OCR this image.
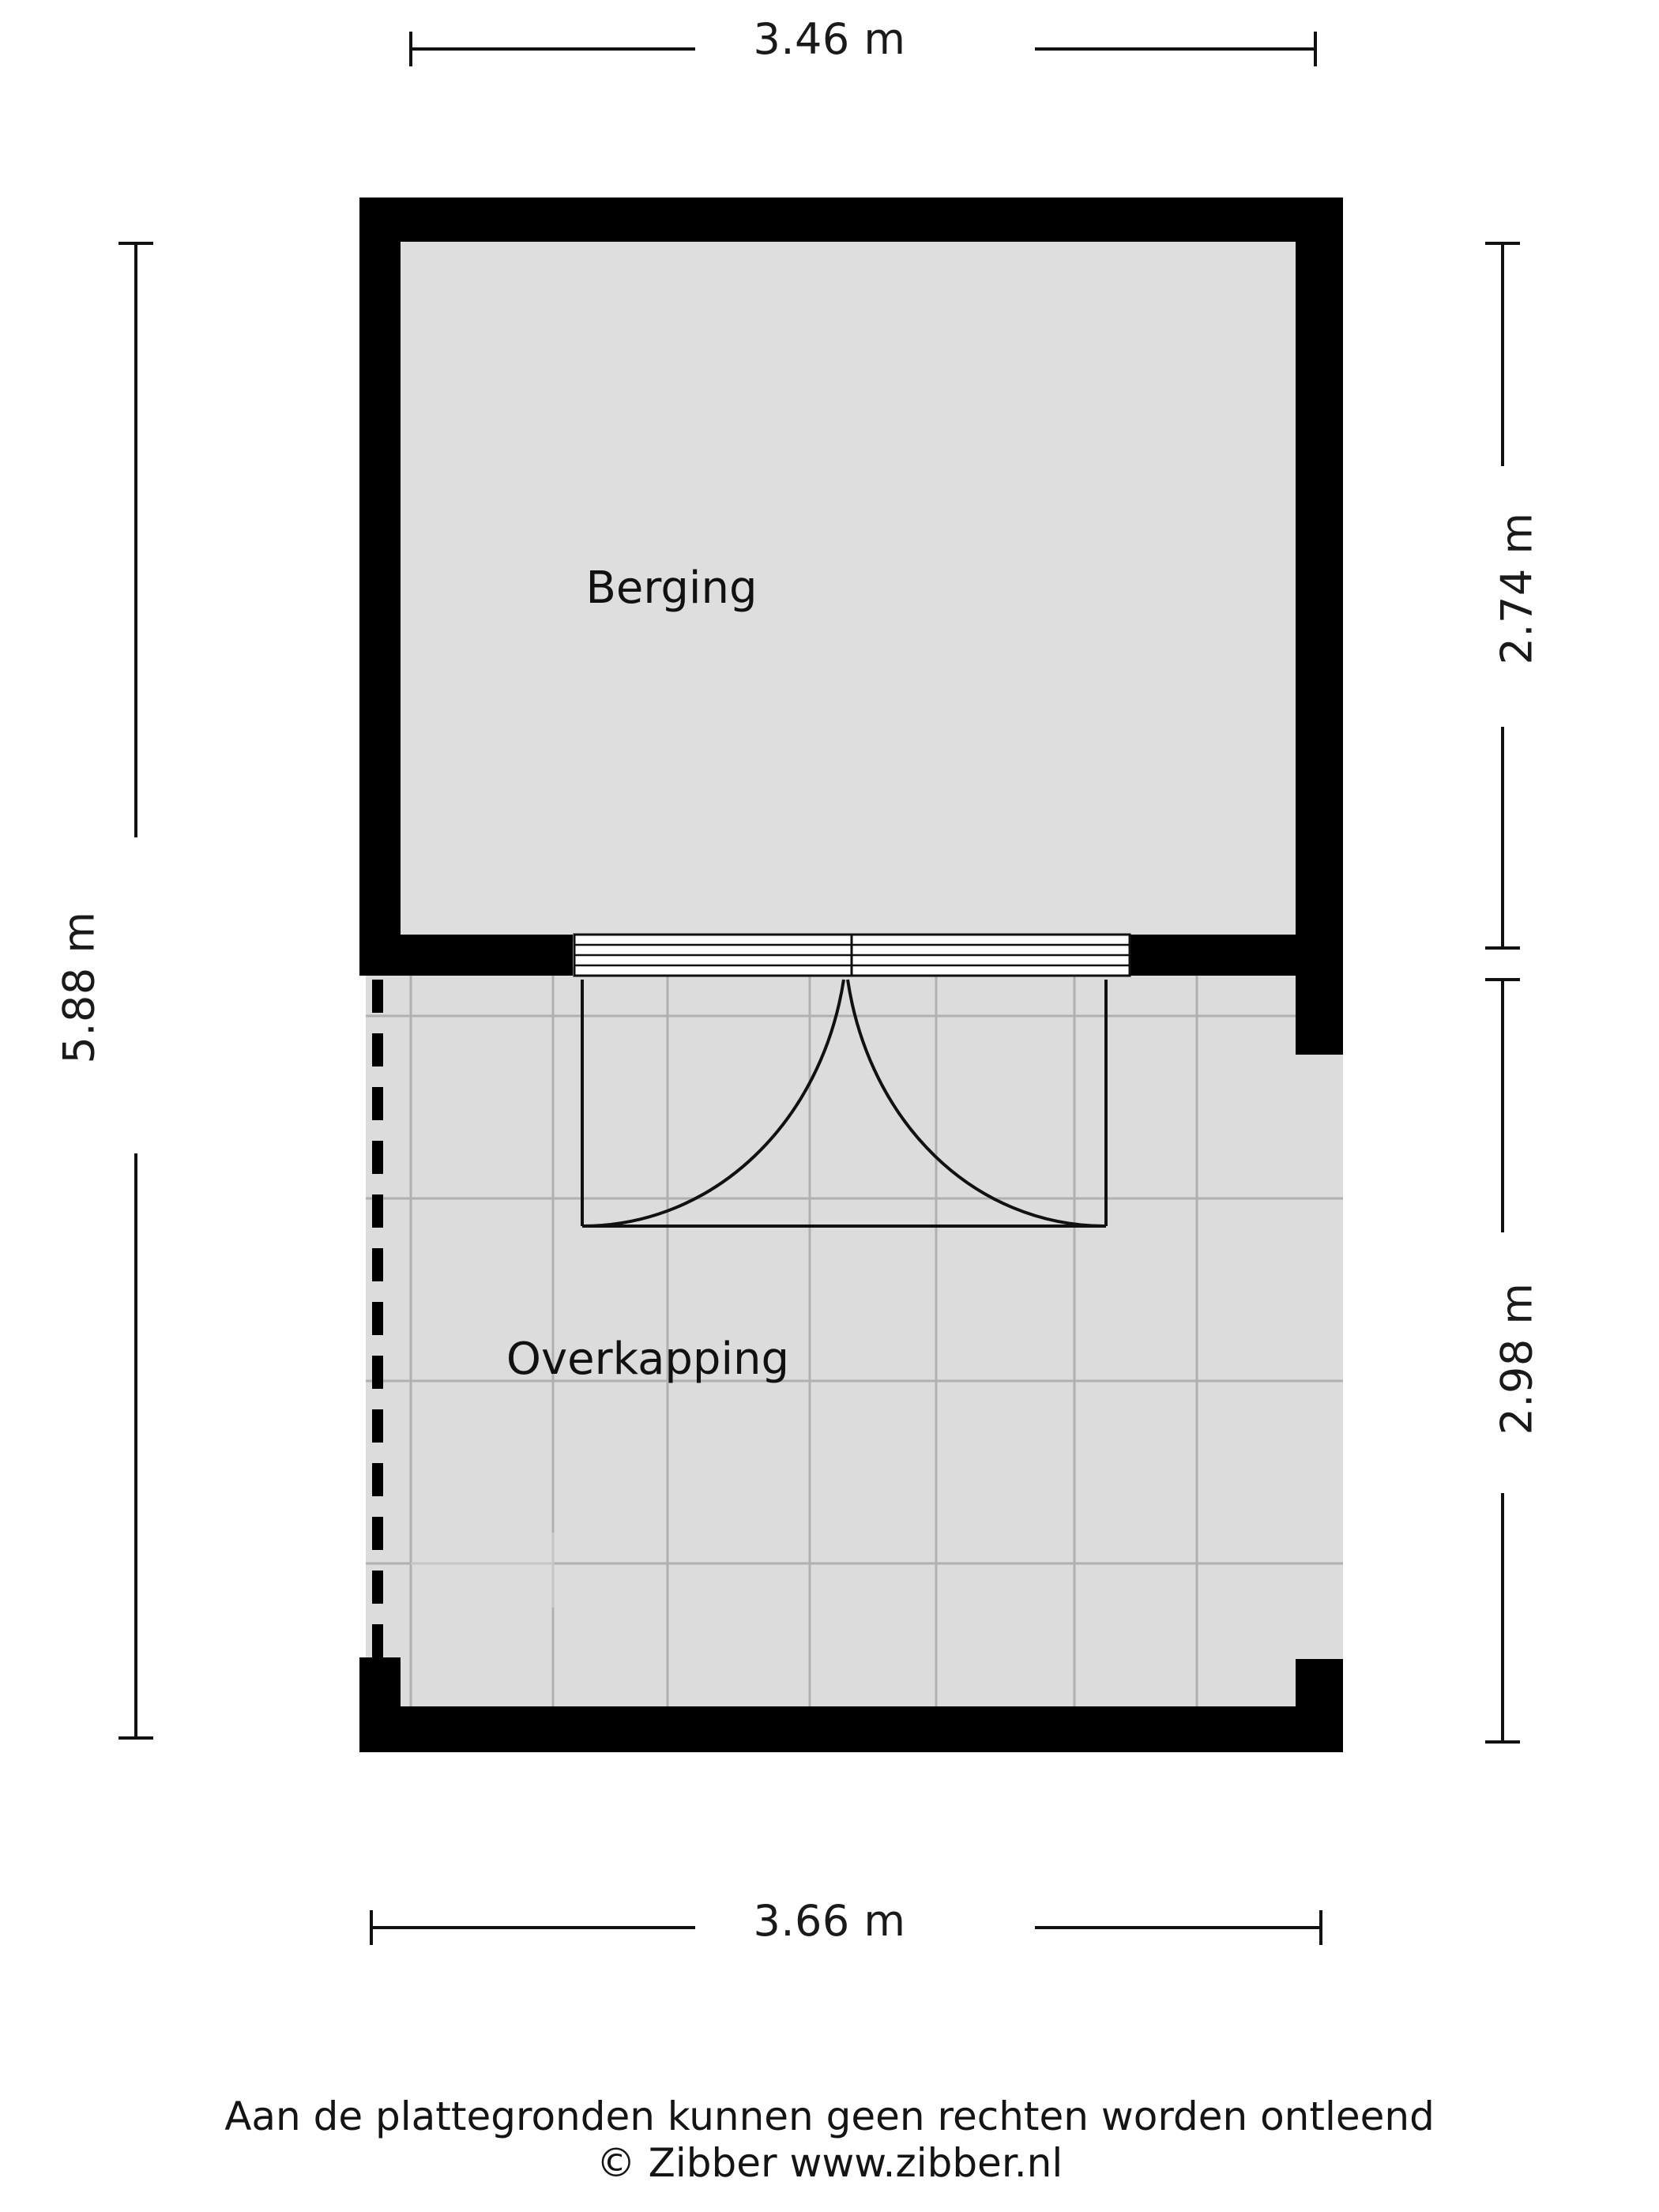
3.46 m
3.66 m
5.88 m
2.74 m
2.98 m
Berging
Overkapping
Aan de plattegronden kunnen geen rechten worden ontleend
© Zibber www.zibber.nl
